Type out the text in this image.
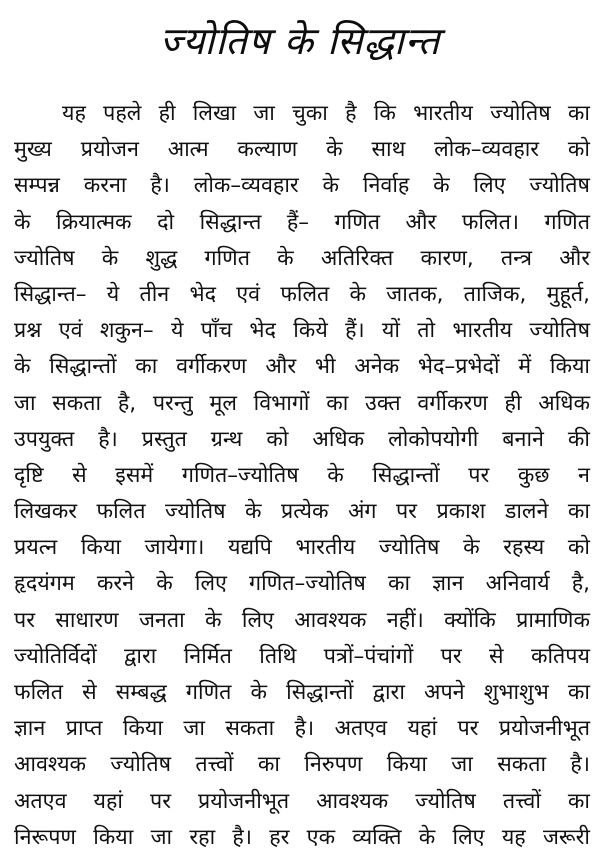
ज्योतिष के सिद्धान्त
यह पहले ही लिखा जा चुका है कि भारतीय ज्योतिष का
मुख्य प्रयोजन आत्म कल्याण के साथ लोक–व्यवहार को
सम्पन्न करना है। लोक–व्यवहार के निर्वाह के लिए ज्योतिष
के क्रियात्मक दो सिद्धान्त हैं– गणित और फलित। गणित
ज्योतिष के शुद्ध गणित के अतिरिक्त कारण, तन्त्र और
सिद्धान्त– ये तीन भेद एवं फलित के जातक, ताजिक, मुहूर्त,
प्रश्न एवं शकुन– ये पाँच भेद किये हैं। यों तो भारतीय ज्योतिष
के सिद्धान्तों का वर्गीकरण और भी अनेक भेद–प्रभेदों में किया
जा सकता है, परन्तु मूल विभागों का उक्त वर्गीकरण ही अधिक
उपयुक्त है। प्रस्तुत ग्रन्थ को अधिक लोकोपयोगी बनाने की
दृष्टि से इसमें गणित–ज्योतिष के सिद्धान्तों पर कुछ न
लिखकर फलित ज्योतिष के प्रत्येक अंग पर प्रकाश डालने का
प्रयत्न किया जायेगा। यद्यपि भारतीय ज्योतिष के रहस्य को
हृदयंगम करने के लिए गणित–ज्योतिष का ज्ञान अनिवार्य है,
पर साधारण जनता के लिए आवश्यक नहीं। क्योंकि प्रामाणिक
ज्योतिर्विदों द्वारा निर्मित तिथि पत्रों–पंचांगों पर से कतिपय
फलित से सम्बद्ध गणित के सिद्धान्तों द्वारा अपने शुभाशुभ का
ज्ञान प्राप्त किया जा सकता है। अतएव यहां पर प्रयोजनीभूत
आवश्यक ज्योतिष तत्त्वों का निरुपण किया जा सकता है।
अतएव यहां पर प्रयोजनीभूत आवश्यक ज्योतिष तत्त्वों का
निरूपण किया जा रहा है। हर एक व्यक्ति के लिए यह जरूरी
